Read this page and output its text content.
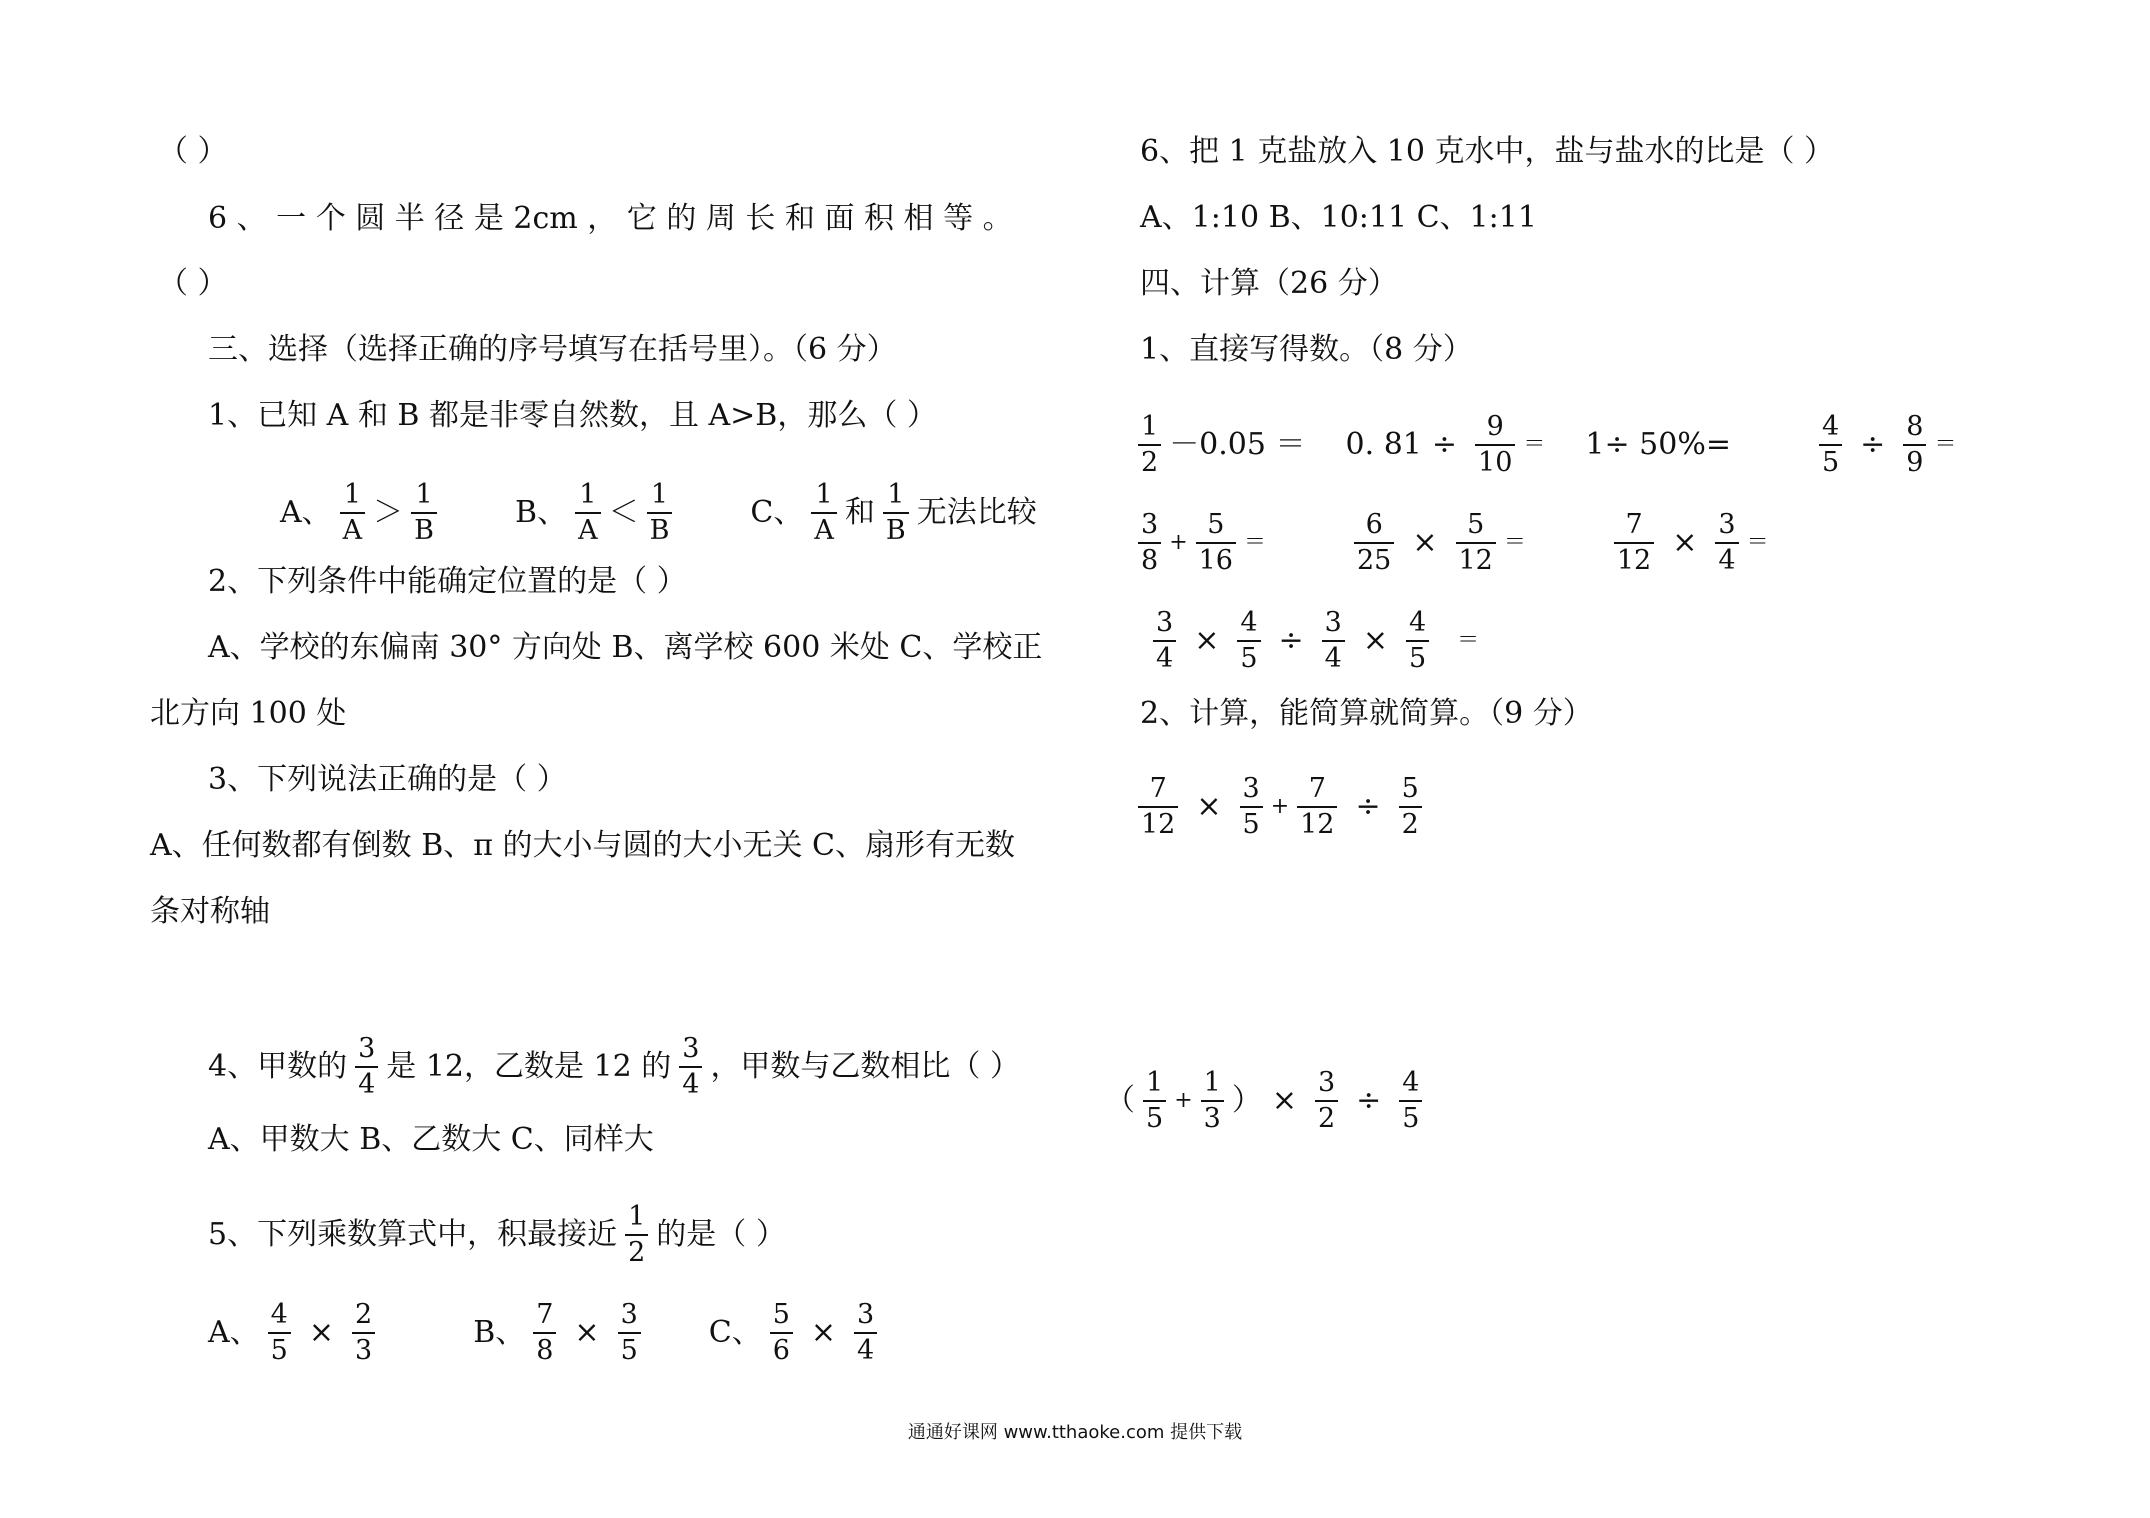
（ ）
6 、 一 个 圆 半 径 是 2cm ， 它 的 周 长 和 面 积 相 等 。
（ ）
三、选择（选择正确的序号填写在括号里）。（6 分）
1、已知 A 和 B 都是非零自然数，且 A>B，那么（ ）
A、 $\frac{1}{A} > \frac{1}{B}$	B、 $\frac{1}{A} < \frac{1}{B}$	C、 $\frac{1}{A}$ 和 $\frac{1}{B}$ 无法比较
2、下列条件中能确定位置的是（ ）
A、学校的东偏南 30° 方向处 B、离学校 600 米处 C、学校正
北方向 100 处
3、下列说法正确的是（ ）
A、任何数都有倒数 B、π 的大小与圆的大小无关 C、扇形有无数
条对称轴
4、甲数的 $\frac{3}{4}$ 是 12，乙数是 12 的 $\frac{3}{4}$ ，甲数与乙数相比（ ）
A、甲数大 B、乙数大 C、同样大
5、下列乘数算式中，积最接近 $\frac{1}{2}$ 的是（ ）
A、 $\frac{4}{5} \times \frac{2}{3}$	B、 $\frac{7}{8} \times \frac{3}{5}$ C、 $\frac{5}{6} \times \frac{3}{4}$
6、把 1 克盐放入 10 克水中，盐与盐水的比是（ ）
A、1:10 B、10:11 C、1:11
四、计算（26 分）
1、直接写得数。（8 分）
$\frac{1}{2} -0.05 = 0$. $81 \div \frac{9}{10} = 1\div 50\%=$	$\frac{4}{5} \div \frac{8}{9}$ ＝
$\frac{3}{8} + \frac{5}{16}$ ＝	$\frac{6}{25} \times \frac{5}{12}$ ＝	$\frac{7}{12} \times \frac{3}{4}$ ＝
$\frac{3}{4} \times \frac{4}{5} \div \frac{3}{4} \times \frac{4}{5}$ ＝
2、计算，能简算就简算。（9 分）
$\frac{7}{12} \times \frac{3}{5} + \frac{7}{12} \div \frac{5}{2}$
（ $\frac{1}{5} + \frac{1}{3}$ ） × $\frac{3}{2} \div \frac{4}{5}$
通通好课网 www.tthaoke.com 提供下载
